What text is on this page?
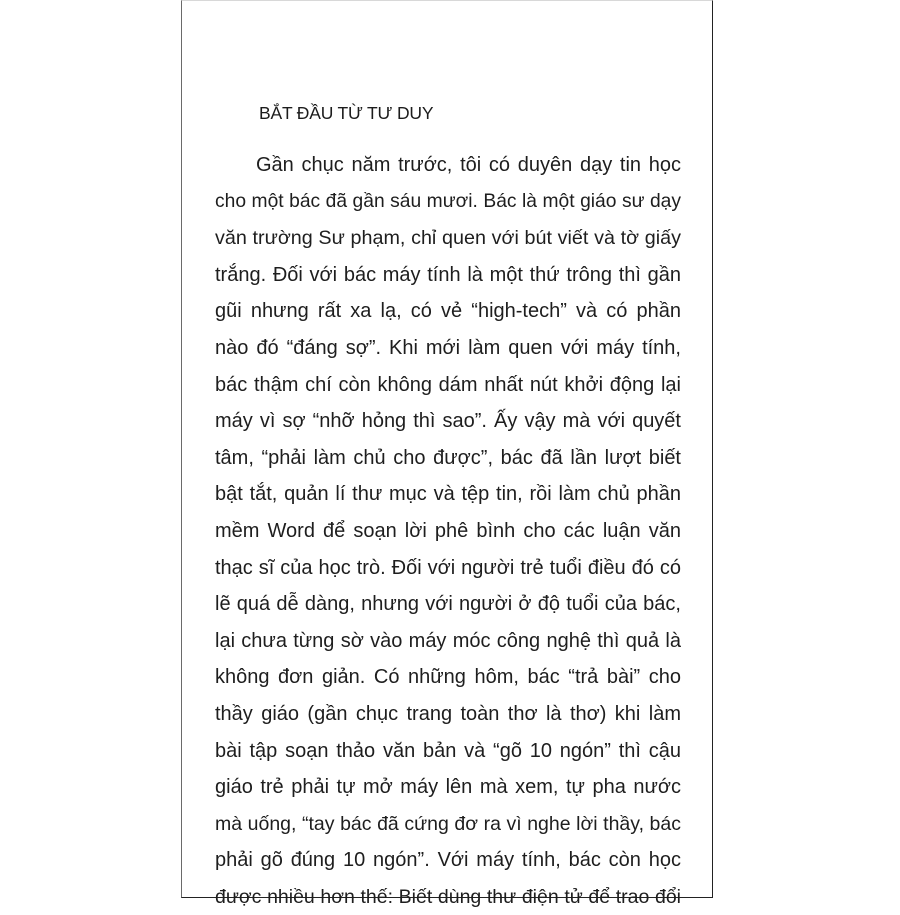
BẮT ĐẦU TỪ TƯ DUY
Gần chục năm trước, tôi có duyên dạy tin học
cho một bác đã gần sáu mươi. Bác là một giáo sư dạy
văn trường Sư phạm, chỉ quen với bút viết và tờ giấy
trắng. Đối với bác máy tính là một thứ trông thì gần
gũi nhưng rất xa lạ, có vẻ “high-tech” và có phần
nào đó “đáng sợ”. Khi mới làm quen với máy tính,
bác thậm chí còn không dám nhất nút khởi động lại
máy vì sợ “nhỡ hỏng thì sao”. Ấy vậy mà với quyết
tâm, “phải làm chủ cho được”, bác đã lần lượt biết
bật tắt, quản lí thư mục và tệp tin, rồi làm chủ phần
mềm Word để soạn lời phê bình cho các luận văn
thạc sĩ của học trò. Đối với người trẻ tuổi điều đó có
lẽ quá dễ dàng, nhưng với người ở độ tuổi của bác,
lại chưa từng sờ vào máy móc công nghệ thì quả là
không đơn giản. Có những hôm, bác “trả bài” cho
thầy giáo (gần chục trang toàn thơ là thơ) khi làm
bài tập soạn thảo văn bản và “gõ 10 ngón” thì cậu
giáo trẻ phải tự mở máy lên mà xem, tự pha nước
mà uống, “tay bác đã cứng đơ ra vì nghe lời thầy, bác
phải gõ đúng 10 ngón”. Với máy tính, bác còn học
được nhiều hơn thế: Biết dùng thư điện tử để trao đổi
